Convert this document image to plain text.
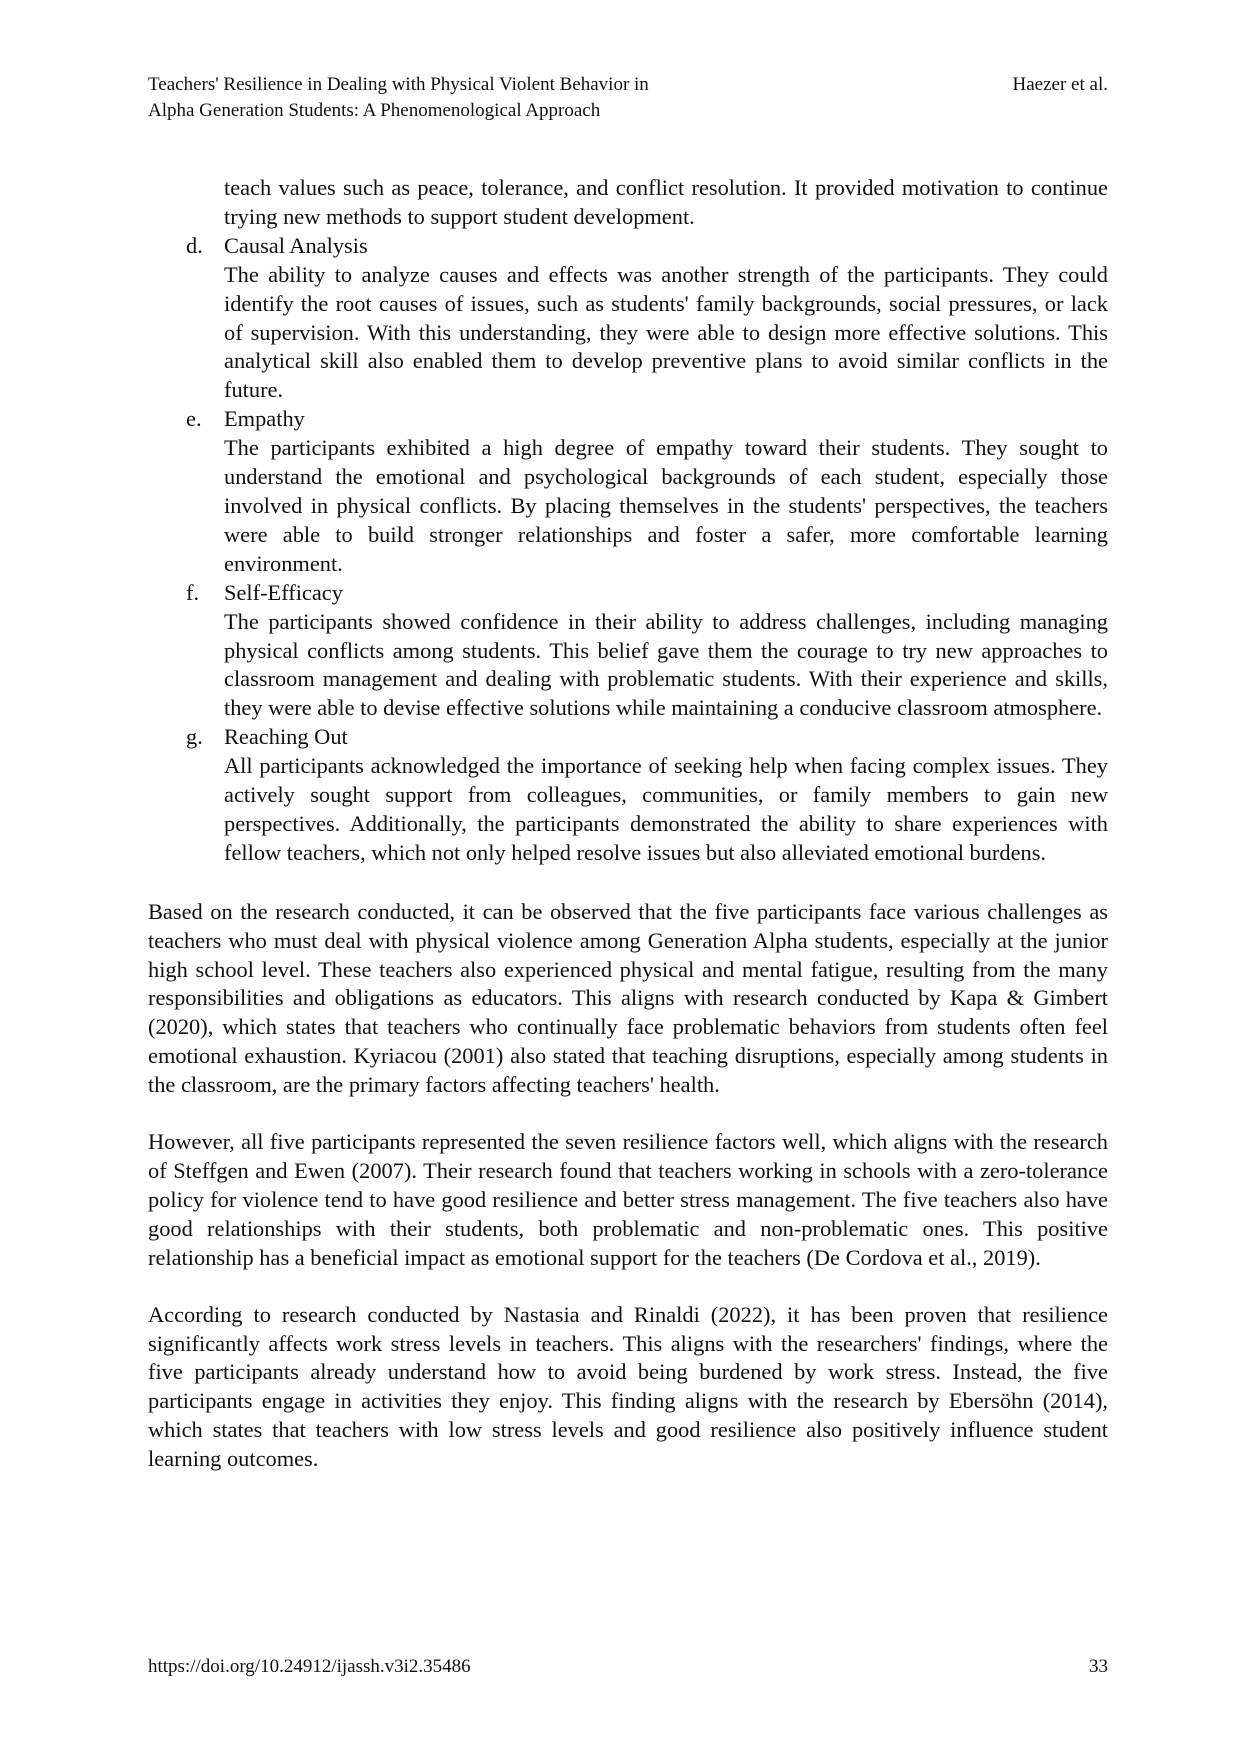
Teachers' Resilience in Dealing with Physical Violent Behavior in
Alpha Generation Students: A Phenomenological Approach
Haezer et al.
teach values such as peace, tolerance, and conflict resolution. It provided motivation to continue trying new methods to support student development.
d. Causal Analysis
The ability to analyze causes and effects was another strength of the participants. They could identify the root causes of issues, such as students' family backgrounds, social pressures, or lack of supervision. With this understanding, they were able to design more effective solutions. This analytical skill also enabled them to develop preventive plans to avoid similar conflicts in the future.
e.	Empathy
The participants exhibited a high degree of empathy toward their students. They sought to understand the emotional and psychological backgrounds of each student, especially those involved in physical conflicts. By placing themselves in the students' perspectives, the teachers were able to build stronger relationships and foster a safer, more comfortable learning environment.
f.	Self-Efficacy
The participants showed confidence in their ability to address challenges, including managing physical conflicts among students. This belief gave them the courage to try new approaches to classroom management and dealing with problematic students. With their experience and skills, they were able to devise effective solutions while maintaining a conducive classroom atmosphere.
g. Reaching Out
All participants acknowledged the importance of seeking help when facing complex issues. They actively sought support from colleagues, communities, or family members to gain new perspectives. Additionally, the participants demonstrated the ability to share experiences with fellow teachers, which not only helped resolve issues but also alleviated emotional burdens.

Based on the research conducted, it can be observed that the five participants face various challenges as teachers who must deal with physical violence among Generation Alpha students, especially at the junior high school level. These teachers also experienced physical and mental fatigue, resulting from the many responsibilities and obligations as educators. This aligns with research conducted by Kapa & Gimbert (2020), which states that teachers who continually face problematic behaviors from students often feel emotional exhaustion. Kyriacou (2001) also stated that teaching disruptions, especially among students in the classroom, are the primary factors affecting teachers' health.

However, all five participants represented the seven resilience factors well, which aligns with the research of Steffgen and Ewen (2007). Their research found that teachers working in schools with a zero-tolerance policy for violence tend to have good resilience and better stress management. The five teachers also have good relationships with their students, both problematic and non-problematic ones. This positive relationship has a beneficial impact as emotional support for the teachers (De Cordova et al., 2019).

According to research conducted by Nastasia and Rinaldi (2022), it has been proven that resilience significantly affects work stress levels in teachers. This aligns with the researchers' findings, where the five participants already understand how to avoid being burdened by work stress. Instead, the five participants engage in activities they enjoy. This finding aligns with the research by Ebersöhn (2014), which states that teachers with low stress levels and good resilience also positively influence student learning outcomes.

https://doi.org/10.24912/ijassh.v3i2.35486	33
